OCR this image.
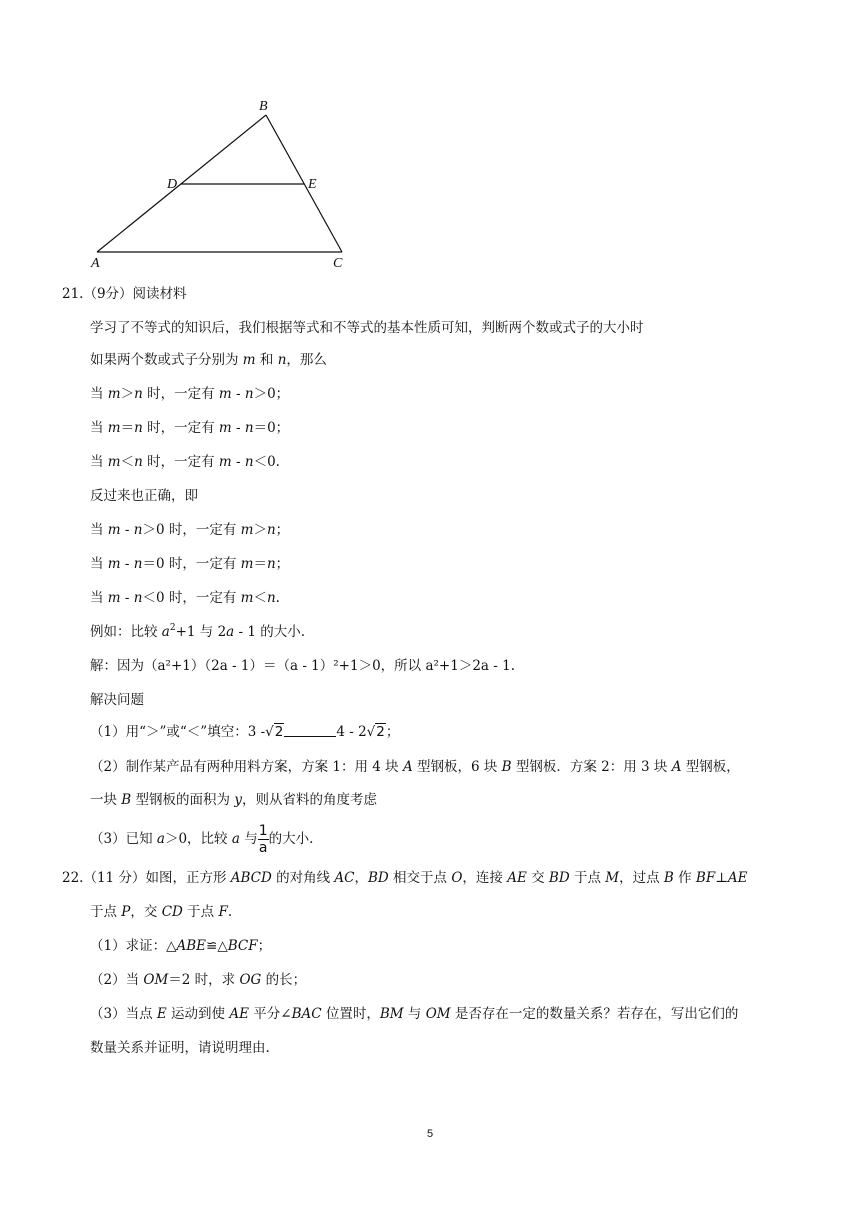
B
D	E
A	C
21.（9分）阅读材料
学习了不等式的知识后，我们根据等式和不等式的基本性质可知，判断两个数或式子的大小时
如果两个数或式子分别为 m 和 n，那么
当 m＞n 时，一定有 m - n＞0；
当 m＝n 时，一定有 m - n＝0；
当 m＜n 时，一定有 m - n＜0.
反过来也正确，即
当 m - n＞0 时，一定有 m＞n；
当 m - n＝0 时，一定有 m＝n；
当 m - n＜0 时，一定有 m＜n.
例如：比较 $a^2+1$ 与 2a - 1 的大小.
解：因为（a²+1）（2a - 1）＝（a - 1）²+1＞0，所以 a²+1＞2a - 1.
解决问题
（1）用“＞”或“＜”填空：3 -√2	4 - 2√2；
（2）制作某产品有两种用料方案，方案 1：用 4 块 A 型钢板，6 块 B 型钢板．方案 2：用 3 块 A 型钢板，
一块 B 型钢板的面积为 y，则从省料的角度考虑
（3）已知 a＞0，比较 a 与 $\frac{1}{a}$ 的大小.
22.（11 分）如图，正方形 ABCD 的对角线 AC，BD 相交于点 O，连接 AE 交 BD 于点 M，过点 B 作 BF⊥AE
于点 P，交 CD 于点 F.
（1）求证：△ABE≌△BCF；
（2）当 OM＝2 时，求 OG 的长；
（3）当点 E 运动到使 AE 平分∠BAC 位置时，BM 与 OM 是否存在一定的数量关系？若存在，写出它们的
数量关系并证明，请说明理由.
5
